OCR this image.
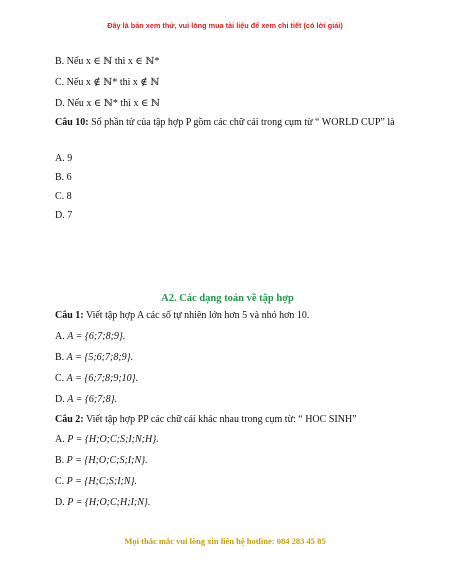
Đây là bản xem thử, vui lòng mua tài liệu để xem chi tiết (có lời giải)
B. Nếu x ∈ ℕ thì x ∈ ℕ*
C. Nếu x ∉ ℕ* thì x ∉ ℕ
D. Nếu x ∈ ℕ* thì x ∈ ℕ
Câu 10: Số phần tử của tập hợp P gồm các chữ cái trong cụm từ “ WORLD CUP” là
A. 9
B. 6
C. 8
D. 7
A2. Các dạng toán về tập hợp
Câu 1: Viết tập hợp A các số tự nhiên lớn hơn 5 và nhỏ hơn 10.
A. A = {6;7;8;9}.
B. A = {5;6;7;8;9}.
C. A = {6;7;8;9;10}.
D. A = {6;7;8}.
Câu 2: Viết tập hợp PP các chữ cái khác nhau trong cụm từ: “ HOC SINH”
A. P = {H;O;C;S;I;N;H}.
B. P = {H;O;C;S;I;N}.
C. P = {H;C;S;I;N}.
D. P = {H;O;C;H;I;N}.
Mọi thắc mắc vui lòng xin liên hệ hotline: 084 283 45 85
